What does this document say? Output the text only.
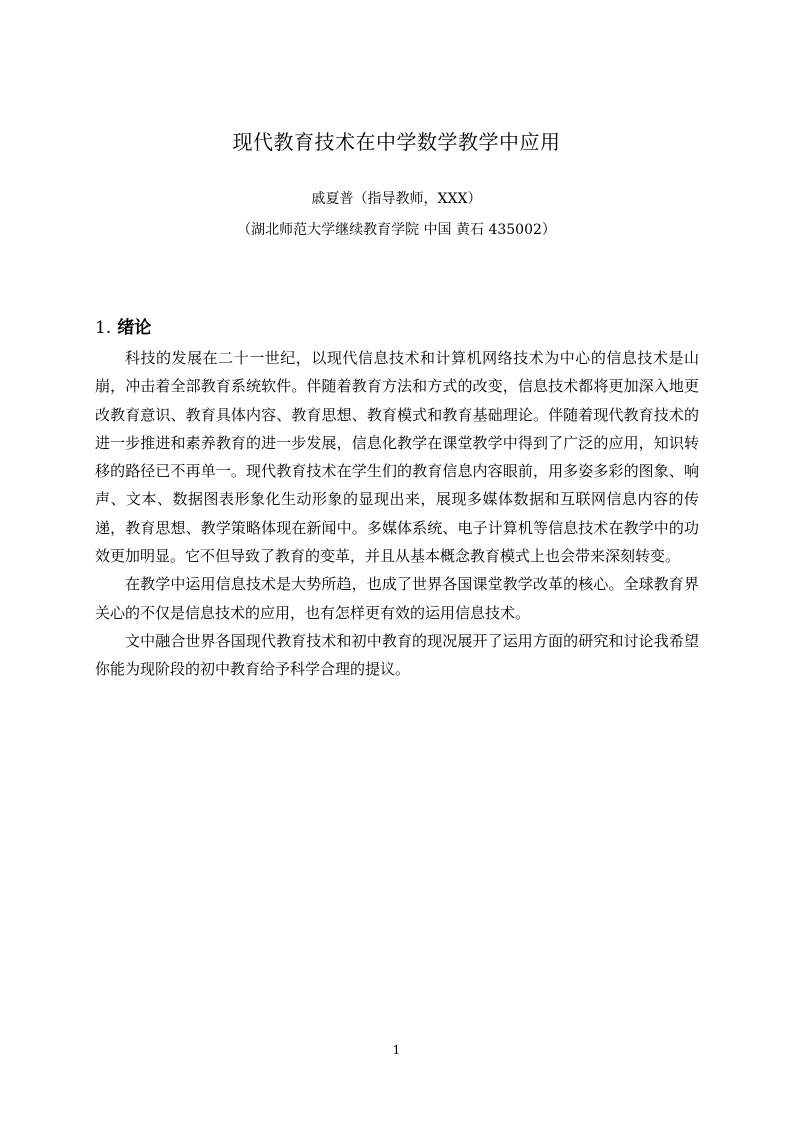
现代教育技术在中学数学教学中应用
戚夏普（指导教师，XXX）
（湖北师范大学继续教育学院 中国 黄石 435002）
1. 绪论

科技的发展在二十一世纪，以现代信息技术和计算机网络技术为中心的信息技术是山崩，冲击着全部教育系统软件。伴随着教育方法和方式的改变，信息技术都将更加深入地更改教育意识、教育具体内容、教育思想、教育模式和教育基础理论。伴随着现代教育技术的进一步推进和素养教育的进一步发展，信息化教学在课堂教学中得到了广泛的应用，知识转移的路径已不再单一。现代教育技术在学生们的教育信息内容眼前，用多姿多彩的图象、响声、文本、数据图表形象化生动形象的显现出来，展现多媒体数据和互联网信息内容的传递，教育思想、教学策略体现在新闻中。多媒体系统、电子计算机等信息技术在教学中的功效更加明显。它不但导致了教育的变革，并且从基本概念教育模式上也会带来深刻转变。

在教学中运用信息技术是大势所趋，也成了世界各国课堂教学改革的核心。全球教育界关心的不仅是信息技术的应用，也有怎样更有效的运用信息技术。

文中融合世界各国现代教育技术和初中教育的现况展开了运用方面的研究和讨论我希望你能为现阶段的初中教育给予科学合理的提议。

1
